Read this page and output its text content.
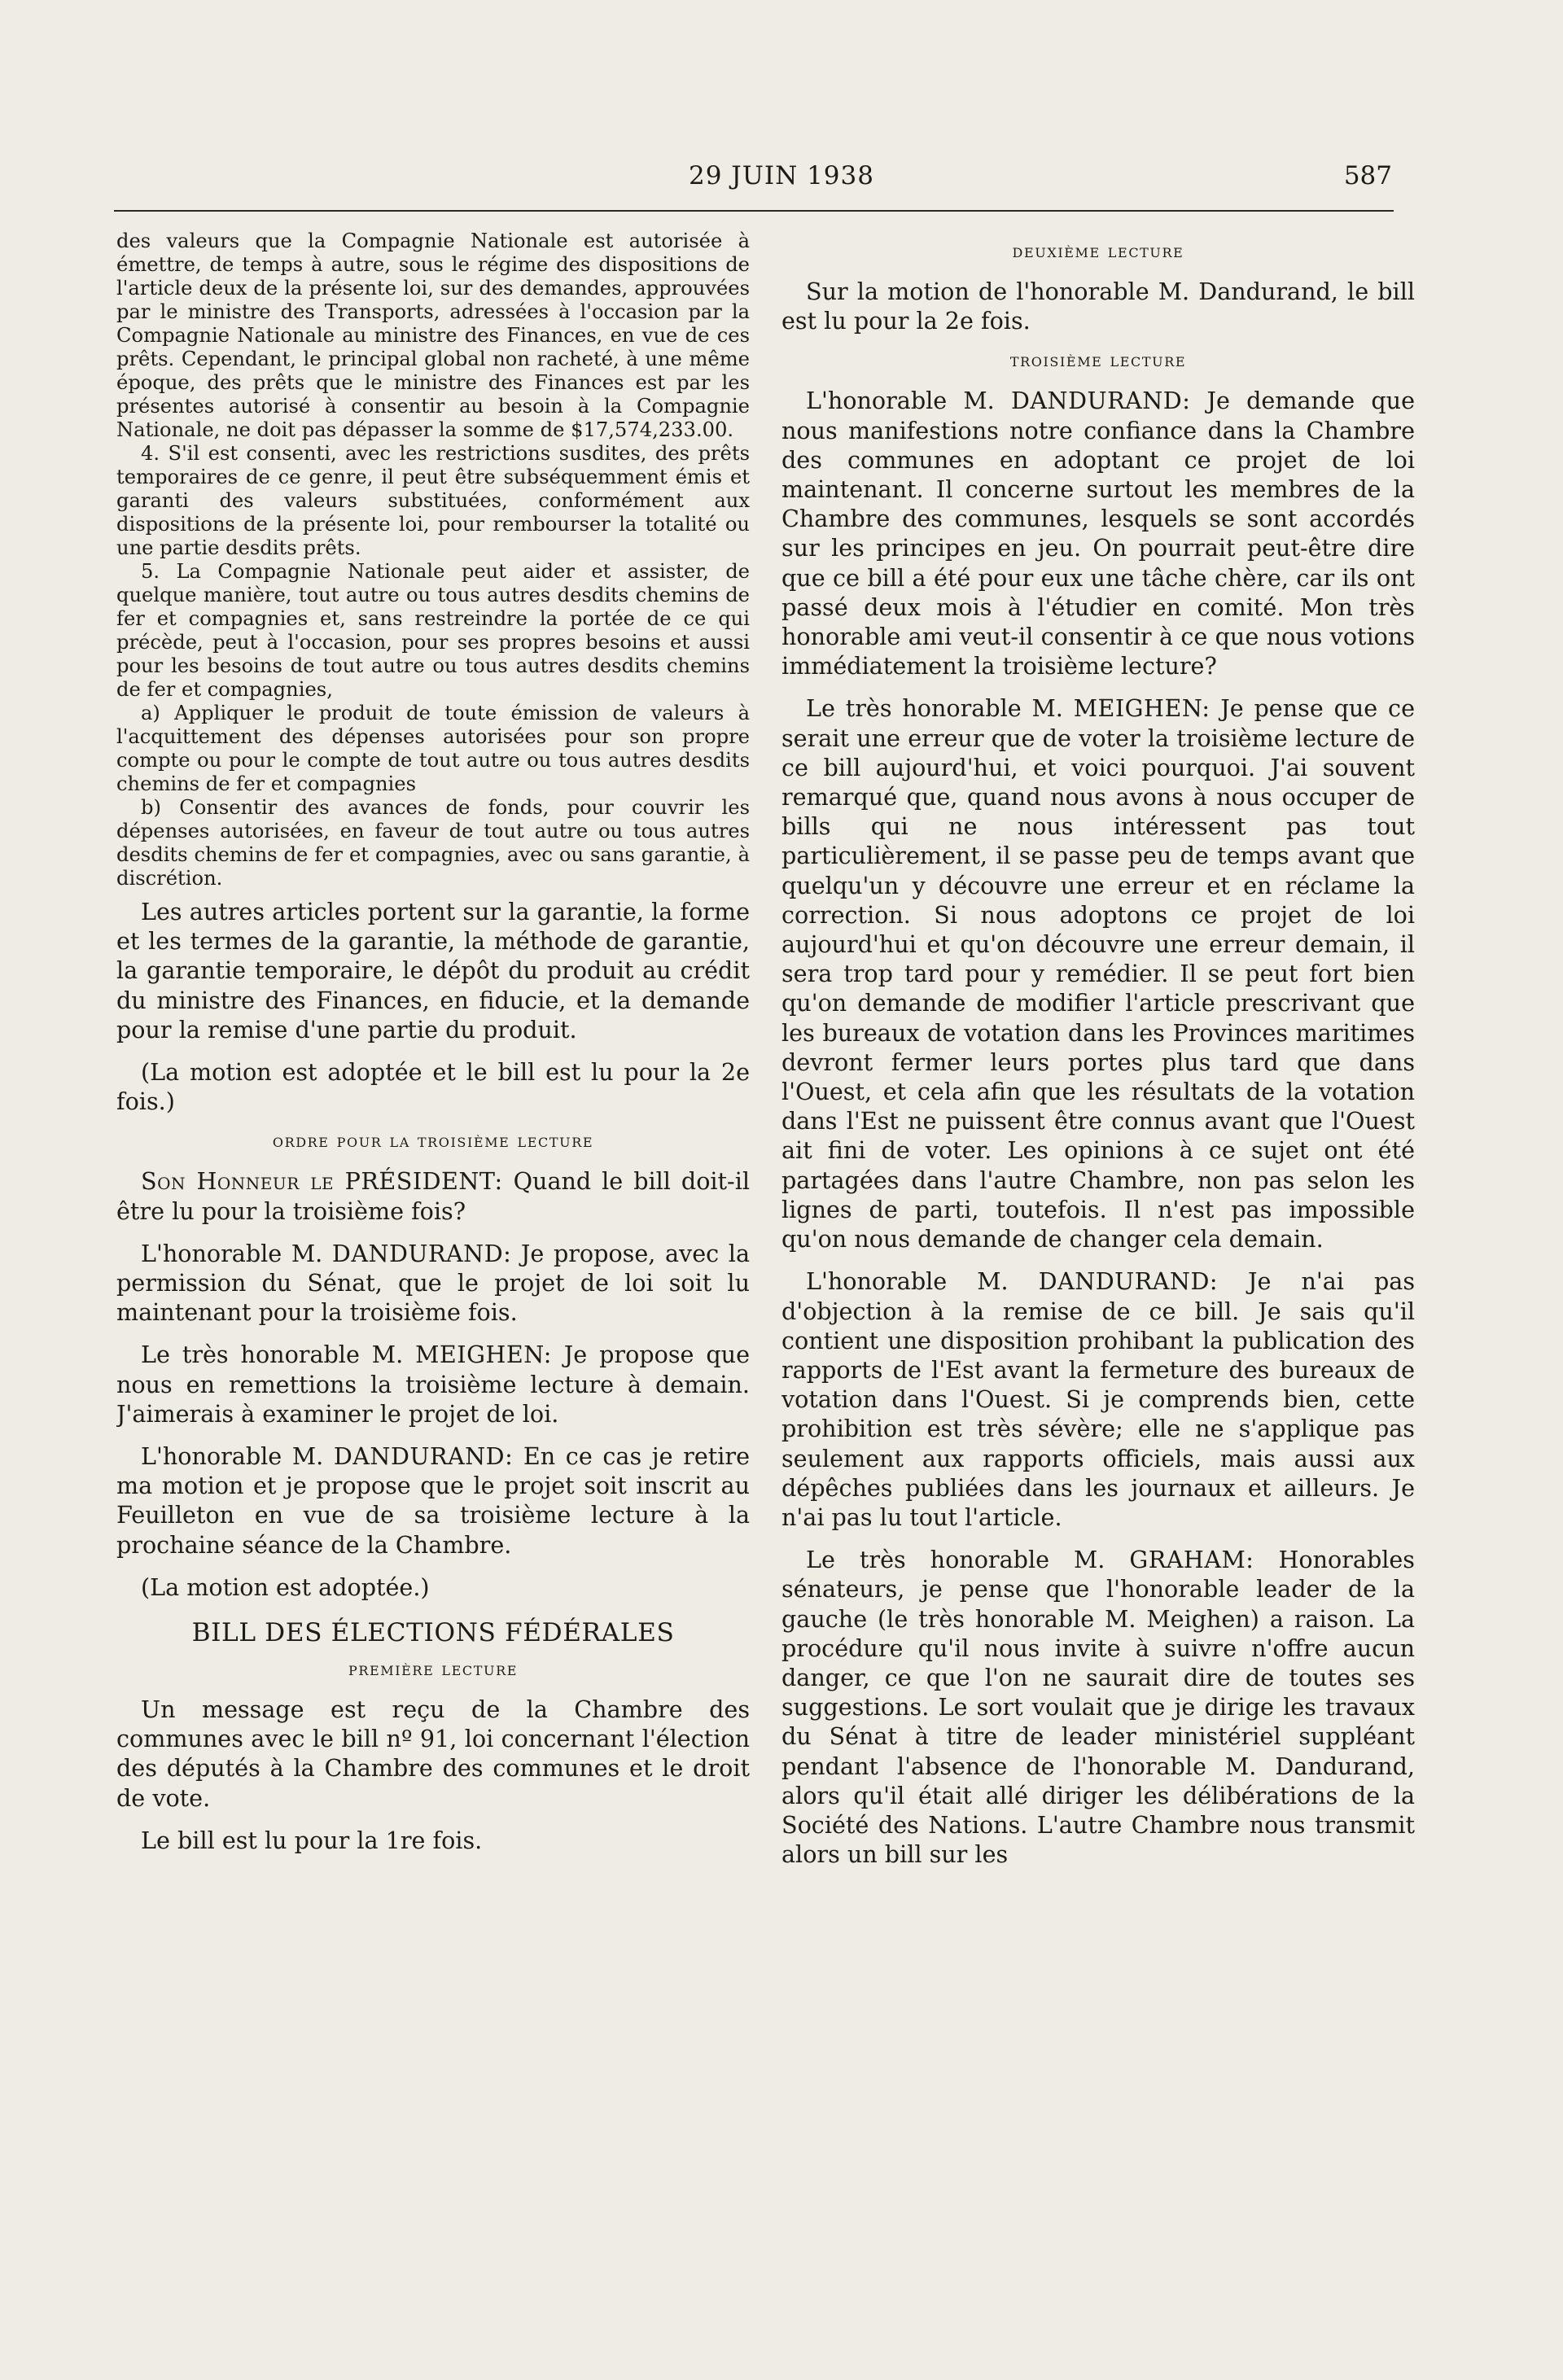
29 JUIN 1938	587

des valeurs que la Compagnie Nationale est autorisée à émettre, de temps à autre, sous le régime des dispositions de l'article deux de la présente loi, sur des demandes, approuvées par le ministre des Transports, adressées à l'occasion par la Compagnie Nationale au ministre des Finances, en vue de ces prêts. Cependant, le principal global non racheté, à une même époque, des prêts que le ministre des Finances est par les présentes autorisé à consentir au besoin à la Compagnie Nationale, ne doit pas dépasser la somme de $17,574,233.00.

4. S'il est consenti, avec les restrictions susdites, des prêts temporaires de ce genre, il peut être subséquemment émis et garanti des valeurs substituées, conformément aux dispositions de la présente loi, pour rembourser la totalité ou une partie desdits prêts.

5. La Compagnie Nationale peut aider et assister, de quelque manière, tout autre ou tous autres desdits chemins de fer et compagnies et, sans restreindre la portée de ce qui précède, peut à l'occasion, pour ses propres besoins et aussi pour les besoins de tout autre ou tous autres desdits chemins de fer et compagnies,

a) Appliquer le produit de toute émission de valeurs à l'acquittement des dépenses autorisées pour son propre compte ou pour le compte de tout autre ou tous autres desdits chemins de fer et compagnies

b) Consentir des avances de fonds, pour couvrir les dépenses autorisées, en faveur de tout autre ou tous autres desdits chemins de fer et compagnies, avec ou sans garantie, à discrétion.

Les autres articles portent sur la garantie, la forme et les termes de la garantie, la méthode de garantie, la garantie temporaire, le dépôt du produit au crédit du ministre des Finances, en fiducie, et la demande pour la remise d'une partie du produit.

(La motion est adoptée et le bill est lu pour la 2e fois.)

ordre pour la troisième lecture

Son Honneur le PRÉSIDENT: Quand le bill doit-il être lu pour la troisième fois?

L'honorable M. DANDURAND: Je propose, avec la permission du Sénat, que le projet de loi soit lu maintenant pour la troisième fois.

Le très honorable M. MEIGHEN: Je propose que nous en remettions la troisième lecture à demain. J'aimerais à examiner le projet de loi.

L'honorable M. DANDURAND: En ce cas je retire ma motion et je propose que le projet soit inscrit au Feuilleton en vue de sa troisième lecture à la prochaine séance de la Chambre.

(La motion est adoptée.)

BILL DES ÉLECTIONS FÉDÉRALES
première lecture

Un message est reçu de la Chambre des communes avec le bill nº 91, loi concernant l'élection des députés à la Chambre des communes et le droit de vote.

Le bill est lu pour la 1re fois.

deuxième lecture

Sur la motion de l'honorable M. Dandurand, le bill est lu pour la 2e fois.

troisième lecture

L'honorable M. DANDURAND: Je demande que nous manifestions notre confiance dans la Chambre des communes en adoptant ce projet de loi maintenant. Il concerne surtout les membres de la Chambre des communes, lesquels se sont accordés sur les principes en jeu. On pourrait peut-être dire que ce bill a été pour eux une tâche chère, car ils ont passé deux mois à l'étudier en comité. Mon très honorable ami veut-il consentir à ce que nous votions immédiatement la troisième lecture?

Le très honorable M. MEIGHEN: Je pense que ce serait une erreur que de voter la troisième lecture de ce bill aujourd'hui, et voici pourquoi. J'ai souvent remarqué que, quand nous avons à nous occuper de bills qui ne nous intéressent pas tout particulièrement, il se passe peu de temps avant que quelqu'un y découvre une erreur et en réclame la correction. Si nous adoptons ce projet de loi aujourd'hui et qu'on découvre une erreur demain, il sera trop tard pour y remédier. Il se peut fort bien qu'on demande de modifier l'article prescrivant que les bureaux de votation dans les Provinces maritimes devront fermer leurs portes plus tard que dans l'Ouest, et cela afin que les résultats de la votation dans l'Est ne puissent être connus avant que l'Ouest ait fini de voter. Les opinions à ce sujet ont été partagées dans l'autre Chambre, non pas selon les lignes de parti, toutefois. Il n'est pas impossible qu'on nous demande de changer cela demain.

L'honorable M. DANDURAND: Je n'ai pas d'objection à la remise de ce bill. Je sais qu'il contient une disposition prohibant la publication des rapports de l'Est avant la fermeture des bureaux de votation dans l'Ouest. Si je comprends bien, cette prohibition est très sévère; elle ne s'applique pas seulement aux rapports officiels, mais aussi aux dépêches publiées dans les journaux et ailleurs. Je n'ai pas lu tout l'article.

Le très honorable M. GRAHAM: Honorables sénateurs, je pense que l'honorable leader de la gauche (le très honorable M. Meighen) a raison. La procédure qu'il nous invite à suivre n'offre aucun danger, ce que l'on ne saurait dire de toutes ses suggestions. Le sort voulait que je dirige les travaux du Sénat à titre de leader ministériel suppléant pendant l'absence de l'honorable M. Dandurand, alors qu'il était allé diriger les délibérations de la Société des Nations. L'autre Chambre nous transmit alors un bill sur les
